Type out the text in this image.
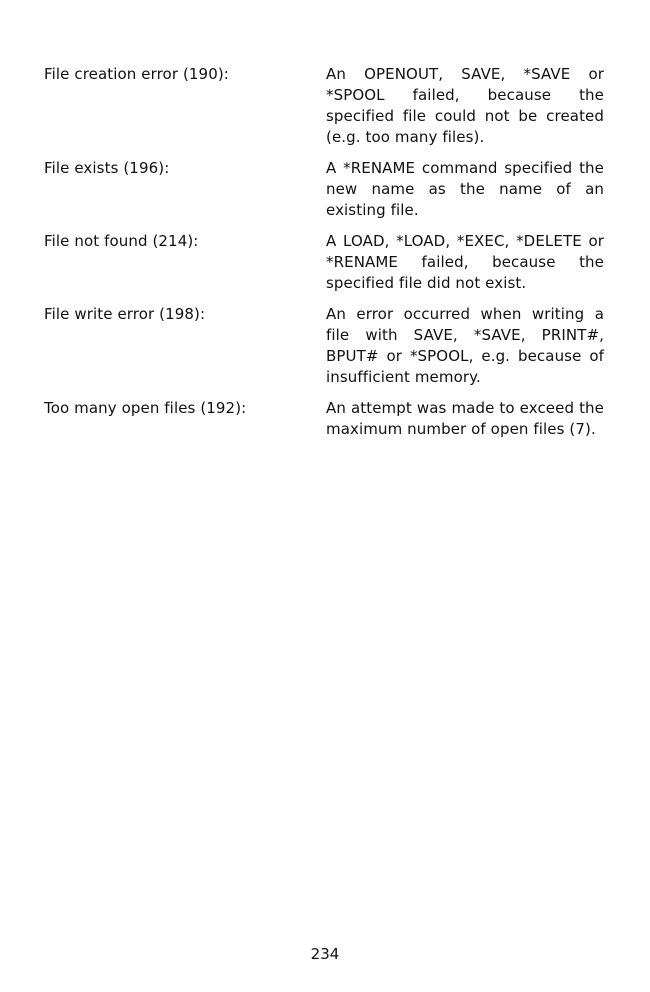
File creation error (190):	An OPENOUT, SAVE, *SAVE or *SPOOL failed, because the specified file could not be created (e.g. too many files).
File exists (196):	A *RENAME command specified the new name as the name of an existing file.
File not found (214):	A LOAD, *LOAD, *EXEC, *DELETE or *RENAME failed, because the specified file did not exist.
File write error (198):	An error occurred when writing a file with SAVE, *SAVE, PRINT#, BPUT# or *SPOOL, e.g. because of insufficient memory.
Too many open files (192):	An attempt was made to exceed the maximum number of open files (7).
234
